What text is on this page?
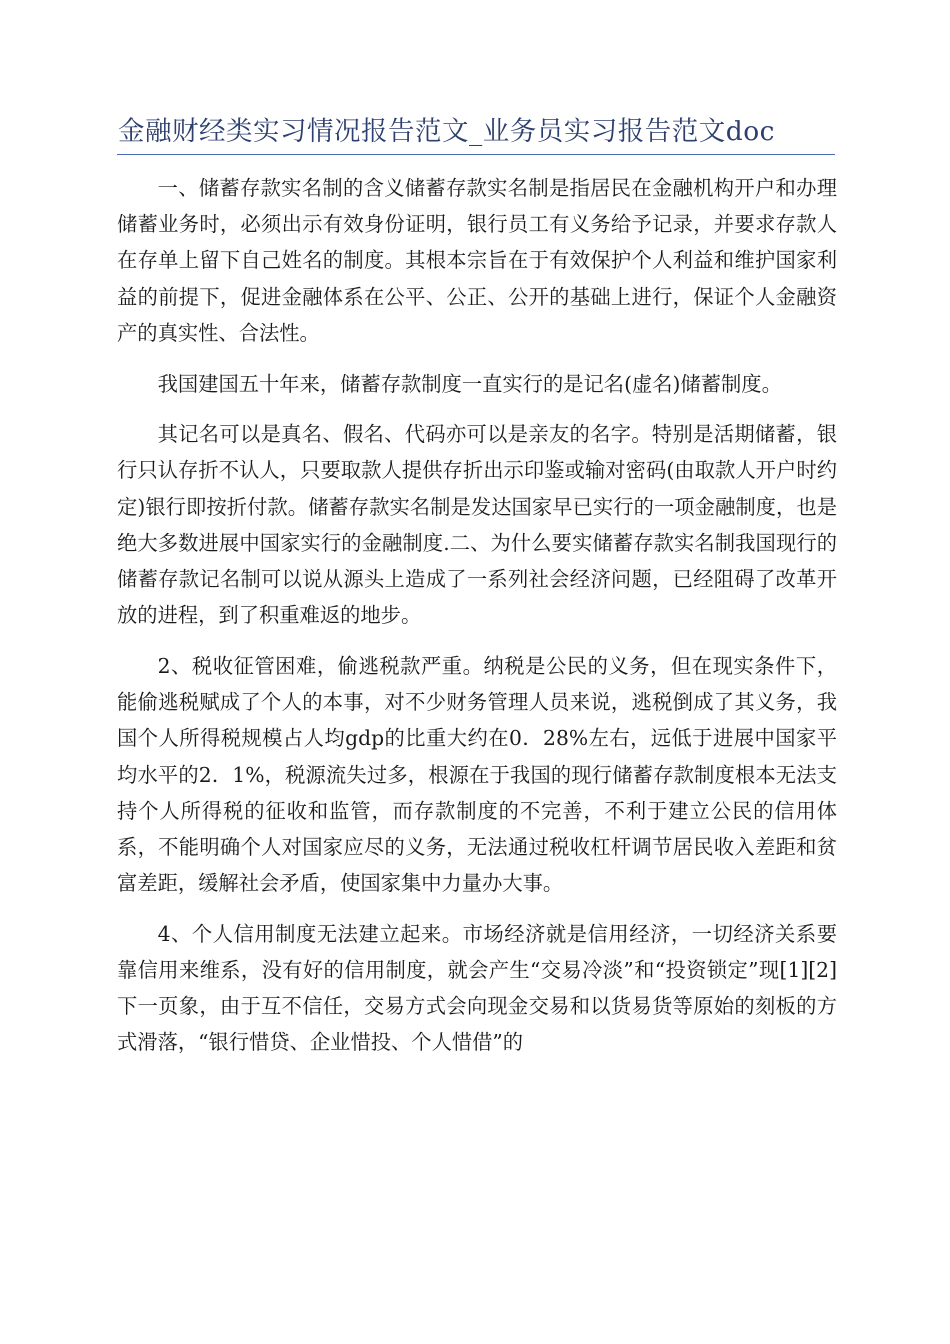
金融财经类实习情况报告范文_业务员实习报告范文doc

一、储蓄存款实名制的含义储蓄存款实名制是指居民在金融机构开户和办理储蓄业务时，必须出示有效身份证明，银行员工有义务给予记录，并要求存款人在存单上留下自己姓名的制度。其根本宗旨在于有效保护个人利益和维护国家利益的前提下，促进金融体系在公平、公正、公开的基础上进行，保证个人金融资产的真实性、合法性。

我国建国五十年来，储蓄存款制度一直实行的是记名(虚名)储蓄制度。

其记名可以是真名、假名、代码亦可以是亲友的名字。特别是活期储蓄，银行只认存折不认人，只要取款人提供存折出示印鉴或输对密码(由取款人开户时约定)银行即按折付款。储蓄存款实名制是发达国家早已实行的一项金融制度，也是绝大多数进展中国家实行的金融制度.二、为什么要实储蓄存款实名制我国现行的储蓄存款记名制可以说从源头上造成了一系列社会经济问题，已经阻碍了改革开放的进程，到了积重难返的地步。

2、税收征管困难，偷逃税款严重。纳税是公民的义务，但在现实条件下，能偷逃税赋成了个人的本事，对不少财务管理人员来说，逃税倒成了其义务，我国个人所得税规模占人均gdp的比重大约在0．28%左右，远低于进展中国家平均水平的2．1%，税源流失过多，根源在于我国的现行储蓄存款制度根本无法支持个人所得税的征收和监管，而存款制度的不完善，不利于建立公民的信用体系，不能明确个人对国家应尽的义务，无法通过税收杠杆调节居民收入差距和贫富差距，缓解社会矛盾，使国家集中力量办大事。

4、个人信用制度无法建立起来。市场经济就是信用经济，一切经济关系要靠信用来维系，没有好的信用制度，就会产生“交易冷淡”和“投资锁定”现[1][2]下一页象，由于互不信任，交易方式会向现金交易和以货易货等原始的刻板的方式滑落，“银行惜贷、企业惜投、个人惜借”的
